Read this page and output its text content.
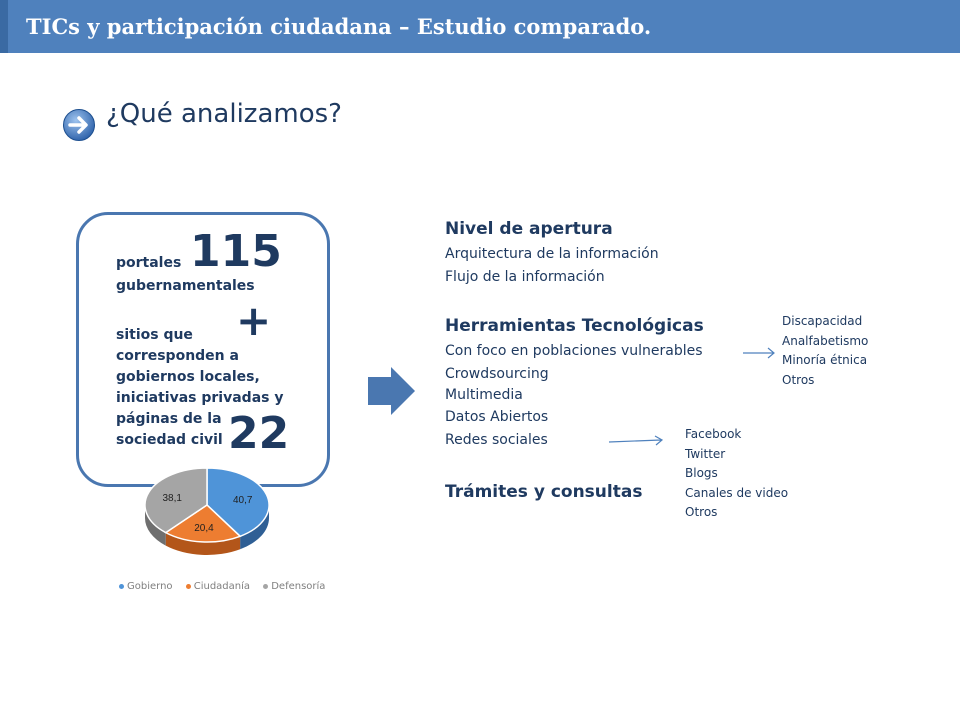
TICs y participación ciudadana – Estudio comparado.
¿Qué analizamos?
portales 115
gubernamentales
+
sitios que
corresponden a
gobiernos locales,
iniciativas privadas y
páginas de la
sociedad civil 22
40,7
20,4
38,1
Gobierno Ciudadanía Defensoría
Nivel de apertura
Arquitectura de la información
Flujo de la información
Herramientas Tecnológicas
Con foco en poblaciones vulnerables
Crowdsourcing
Multimedia
Datos Abiertos
Redes sociales
Trámites y consultas
Discapacidad
Analfabetismo
Minoría étnica
Otros
Facebook
Twitter
Blogs
Canales de video
Otros
